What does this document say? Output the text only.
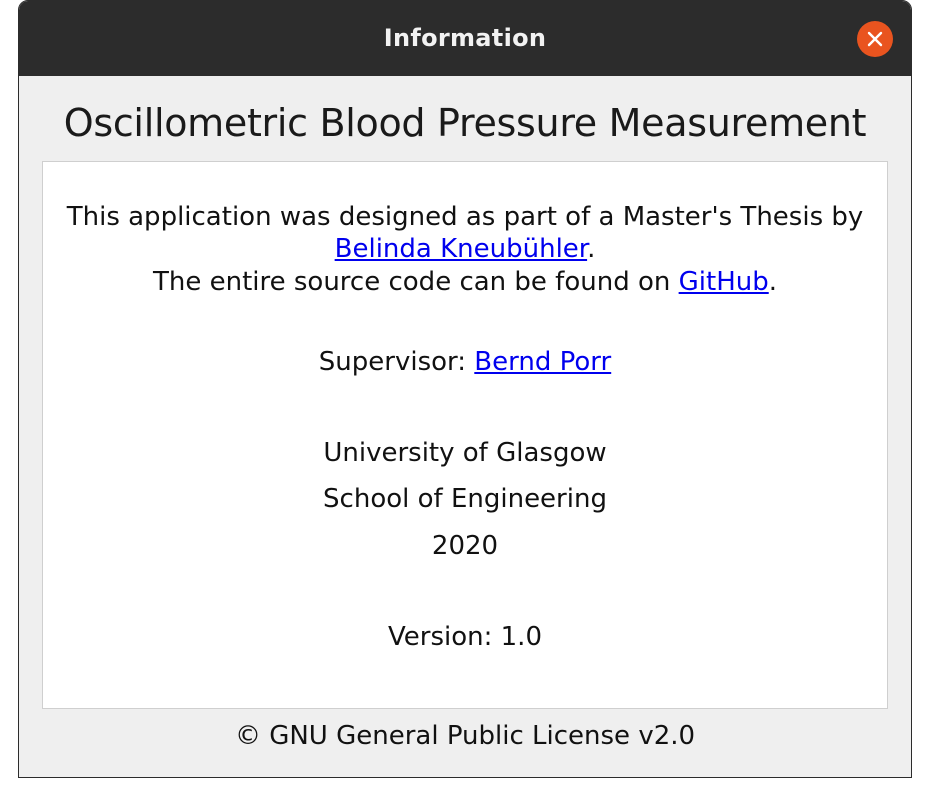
Information
Oscillometric Blood Pressure Measurement
This application was designed as part of a Master's Thesis by
Belinda Kneubühler.
The entire source code can be found on GitHub.
Supervisor: Bernd Porr
University of Glasgow
School of Engineering
2020
Version: 1.0
© GNU General Public License v2.0
